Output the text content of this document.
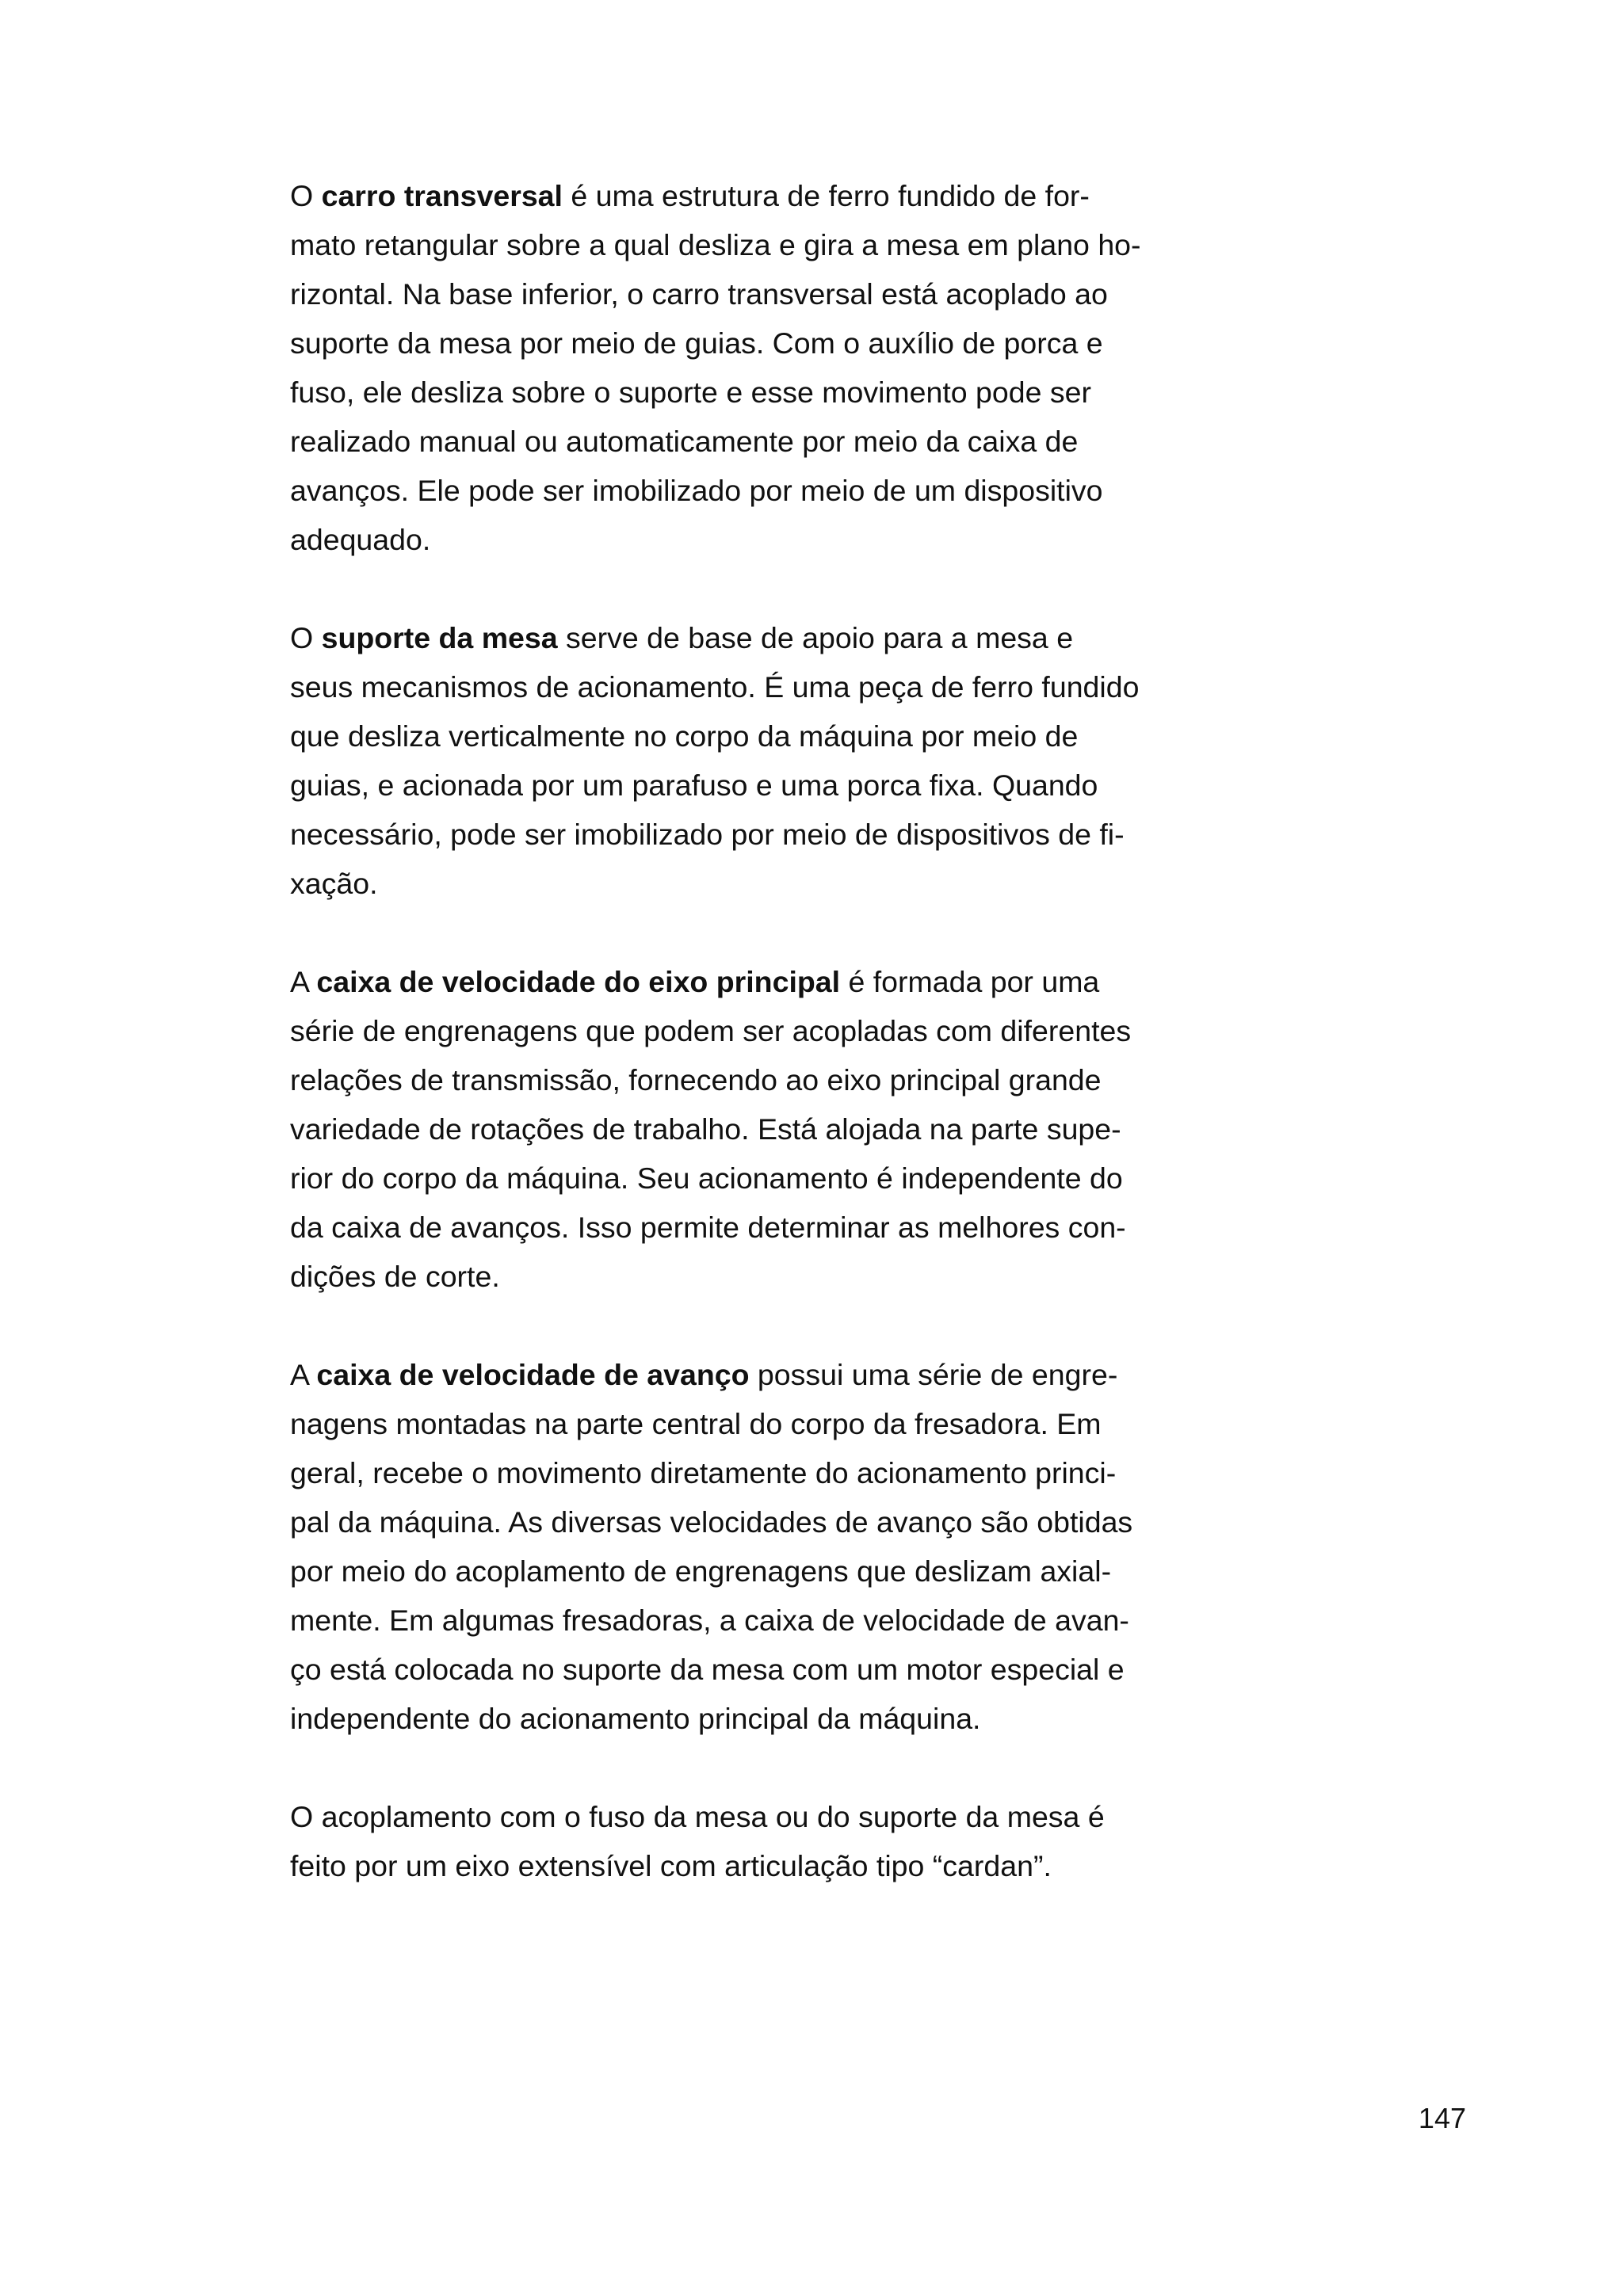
O carro transversal é uma estrutura de ferro fundido de for-
mato retangular sobre a qual desliza e gira a mesa em plano ho-
rizontal. Na base inferior, o carro transversal está acoplado ao
suporte da mesa por meio de guias. Com o auxílio de porca e
fuso, ele desliza sobre o suporte e esse movimento pode ser
realizado manual ou automaticamente por meio da caixa de
avanços. Ele pode ser imobilizado por meio de um dispositivo
adequado.
O suporte da mesa serve de base de apoio para a mesa e
seus mecanismos de acionamento. É uma peça de ferro fundido
que desliza verticalmente no corpo da máquina por meio de
guias, e acionada por um parafuso e uma porca fixa. Quando
necessário, pode ser imobilizado por meio de dispositivos de fi-
xação.
A caixa de velocidade do eixo principal é formada por uma
série de engrenagens que podem ser acopladas com diferentes
relações de transmissão, fornecendo ao eixo principal grande
variedade de rotações de trabalho. Está alojada na parte supe-
rior do corpo da máquina. Seu acionamento é independente do
da caixa de avanços. Isso permite determinar as melhores con-
dições de corte.
A caixa de velocidade de avanço possui uma série de engre-
nagens montadas na parte central do corpo da fresadora. Em
geral, recebe o movimento diretamente do acionamento princi-
pal da máquina. As diversas velocidades de avanço são obtidas
por meio do acoplamento de engrenagens que deslizam axial-
mente. Em algumas fresadoras, a caixa de velocidade de avan-
ço está colocada no suporte da mesa com um motor especial e
independente do acionamento principal da máquina.
O acoplamento com o fuso da mesa ou do suporte da mesa é
feito por um eixo extensível com articulação tipo “cardan”.
147
